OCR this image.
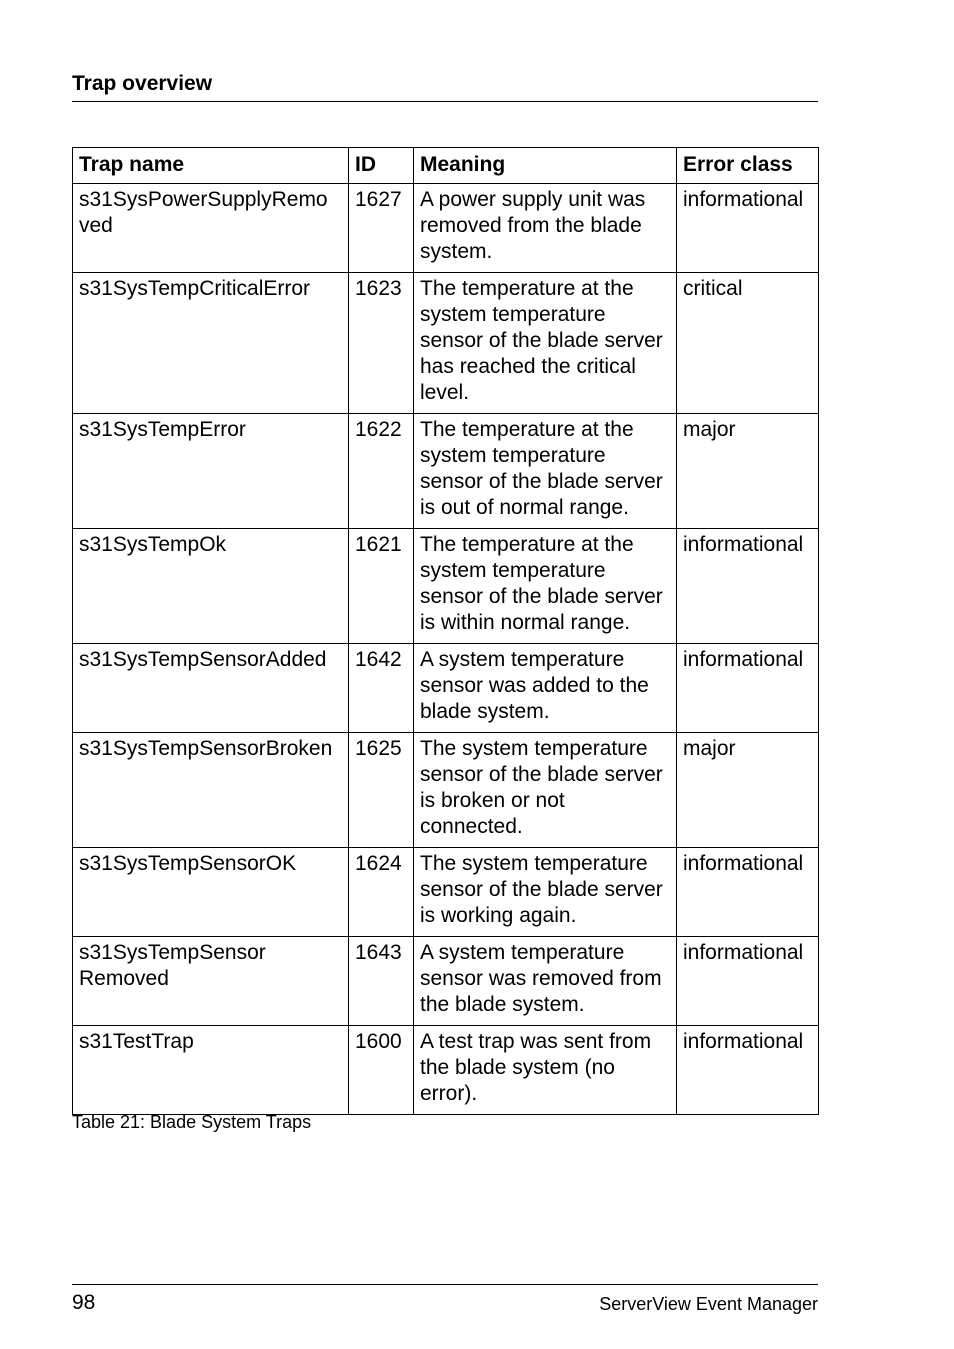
Trap overview
Trap name	ID	Meaning	Error class
s31SysPowerSupplyRemo ved	1627	A power supply unit was removed from the blade system.	informational
s31SysTempCriticalError	1623	The temperature at the system temperature sensor of the blade server has reached the critical level.	critical
s31SysTempError	1622	The temperature at the system temperature sensor of the blade server is out of normal range.	major
s31SysTempOk	1621	The temperature at the system temperature sensor of the blade server is within normal range.	informational
s31SysTempSensorAdded	1642	A system temperature sensor was added to the blade system.	informational
s31SysTempSensorBroken	1625	The system temperature sensor of the blade server is broken or not connected.	major
s31SysTempSensorOK	1624	The system temperature sensor of the blade server is working again.	informational
s31SysTempSensor Removed	1643	A system temperature sensor was removed from the blade system.	informational
s31TestTrap	1600	A test trap was sent from the blade system (no error).	informational
Table 21: Blade System Traps
98	ServerView Event Manager
